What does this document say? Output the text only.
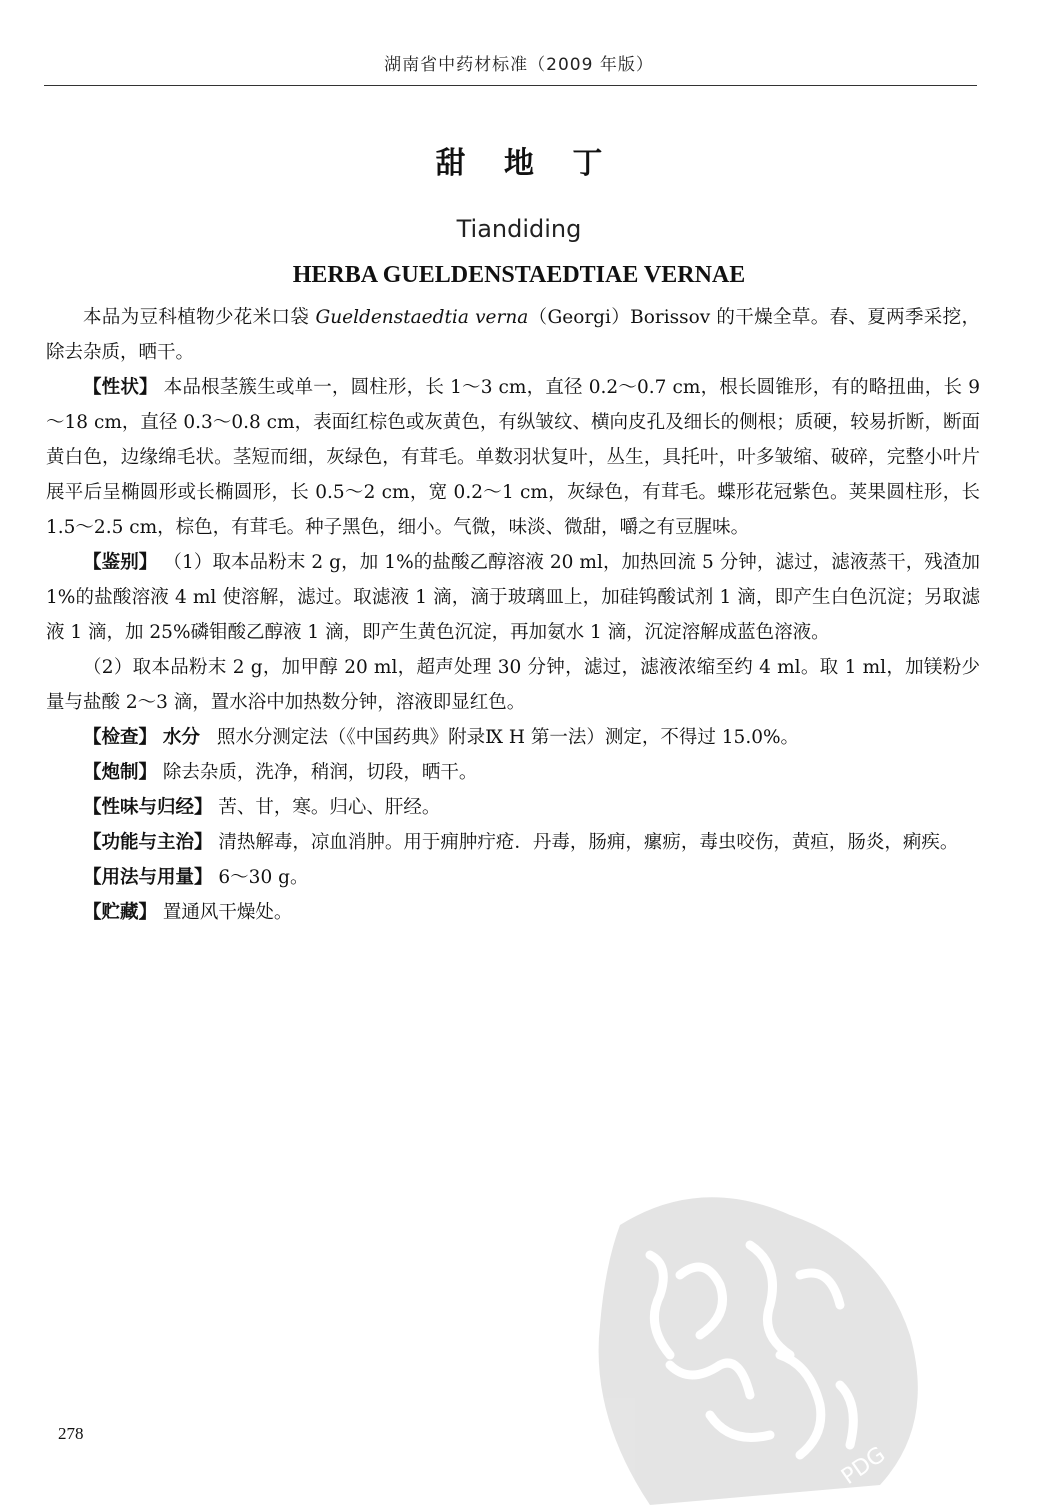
湖南省中药材标准（2009 年版）
甜 地 丁
Tiandiding
HERBA GUELDENSTAEDTIAE VERNAE

本品为豆科植物少花米口袋 Gueldenstaedtia verna（Georgi）Borissov 的干燥全草。春、夏两季采挖，除去杂质，晒干。

【性状】 本品根茎簇生或单一，圆柱形，长 1～3 cm，直径 0.2～0.7 cm，根长圆锥形，有的略扭曲，长 9～18 cm，直径 0.3～0.8 cm，表面红棕色或灰黄色，有纵皱纹、横向皮孔及细长的侧根；质硬，较易折断，断面黄白色，边缘绵毛状。茎短而细，灰绿色，有茸毛。单数羽状复叶，丛生，具托叶，叶多皱缩、破碎，完整小叶片展平后呈椭圆形或长椭圆形，长 0.5～2 cm，宽 0.2～1 cm，灰绿色，有茸毛。蝶形花冠紫色。荚果圆柱形，长 1.5～2.5 cm，棕色，有茸毛。种子黑色，细小。气微，味淡、微甜，嚼之有豆腥味。

【鉴别】 （1）取本品粉末 2 g，加 1%的盐酸乙醇溶液 20 ml，加热回流 5 分钟，滤过，滤液蒸干，残渣加 1%的盐酸溶液 4 ml 使溶解，滤过。取滤液 1 滴，滴于玻璃皿上，加硅钨酸试剂 1 滴，即产生白色沉淀；另取滤液 1 滴，加 25%磷钼酸乙醇液 1 滴，即产生黄色沉淀，再加氨水 1 滴，沉淀溶解成蓝色溶液。

（2）取本品粉末 2 g，加甲醇 20 ml，超声处理 30 分钟，滤过，滤液浓缩至约 4 ml。取 1 ml，加镁粉少量与盐酸 2～3 滴，置水浴中加热数分钟，溶液即显红色。

【检查】 水分 照水分测定法（《中国药典》附录Ⅸ H 第一法）测定，不得过 15.0%。

【炮制】 除去杂质，洗净，稍润，切段，晒干。

【性味与归经】 苦、甘，寒。归心、肝经。

【功能与主治】 清热解毒，凉血消肿。用于痈肿疔疮．丹毒，肠痈，瘰疬，毒虫咬伤，黄疸，肠炎，痢疾。

【用法与用量】 6～30 g。

【贮藏】 置通风干燥处。

278
PDG
